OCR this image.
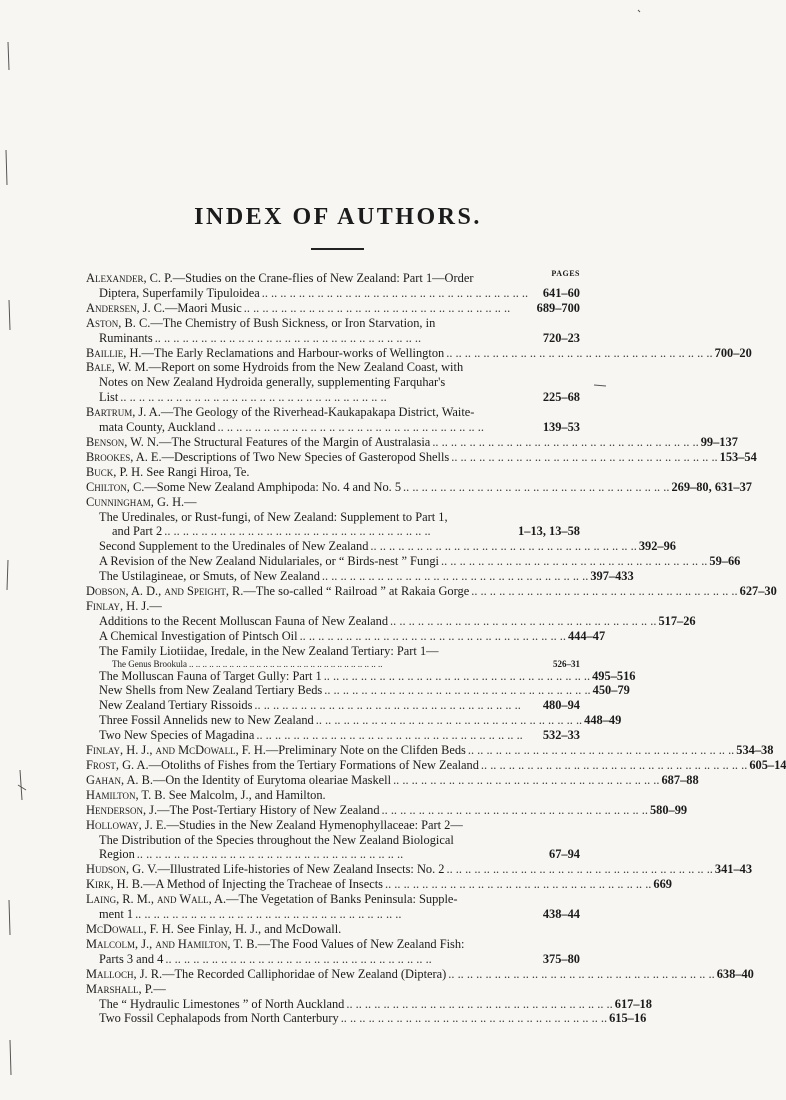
INDEX OF AUTHORS.
PAGES
Alexander, C. P.—Studies on the Crane-flies of New Zealand: Part 1—Order
Diptera, Superfamily Tipuloidea .. .. .. .. .. .. .. .. .. .. .. .. .. .. .. .. .. .. .. .. .. .. .. .. .. .. .. .. ..	641–60
Andersen, J. C.—Maori Music .. .. .. .. .. .. .. .. .. .. .. .. .. .. .. .. .. .. .. .. .. .. .. .. .. .. .. .. ..	689–700
Aston, B. C.—The Chemistry of Bush Sickness, or Iron Starvation, in
Ruminants .. .. .. .. .. .. .. .. .. .. .. .. .. .. .. .. .. .. .. .. .. .. .. .. .. .. .. .. ..	720–23
Baillie, H.—The Early Reclamations and Harbour-works of Wellington .. .. .. .. .. .. .. .. .. .. .. .. .. .. .. .. .. .. .. .. .. .. .. .. .. .. .. .. .. 700–20
Bale, W. M.—Report on some Hydroids from the New Zealand Coast, with
Notes on New Zealand Hydroida generally, supplementing Farquhar's
List .. .. .. .. .. .. .. .. .. .. .. .. .. .. .. .. .. .. .. .. .. .. .. .. .. .. .. .. ..	225–68
Bartrum, J. A.—The Geology of the Riverhead-Kaukapakapa District, Waite-
mata County, Auckland .. .. .. .. .. .. .. .. .. .. .. .. .. .. .. .. .. .. .. .. .. .. .. .. .. .. .. .. ..	139–53
Benson, W. N.—The Structural Features of the Margin of Australasia .. .. .. .. .. .. .. .. .. .. .. .. .. .. .. .. .. .. .. .. .. .. .. .. .. .. .. .. .. 99–137
Brookes, A. E.—Descriptions of Two New Species of Gasteropod Shells .. .. .. .. .. .. .. .. .. .. .. .. .. .. .. .. .. .. .. .. .. .. .. .. .. .. .. .. .. 153–54
Buck, P. H. See Rangi Hiroa, Te.
Chilton, C.—Some New Zealand Amphipoda: No. 4 and No. 5 .. .. .. .. .. .. .. .. .. .. .. .. .. .. .. .. .. .. .. .. .. .. .. .. .. .. .. .. .. 269–80, 631–37
Cunningham, G. H.—
The Uredinales, or Rust-fungi, of New Zealand: Supplement to Part 1,
and Part 2 .. .. .. .. .. .. .. .. .. .. .. .. .. .. .. .. .. .. .. .. .. .. .. .. .. .. .. .. ..	1–13, 13–58
Second Supplement to the Uredinales of New Zealand .. .. .. .. .. .. .. .. .. .. .. .. .. .. .. .. .. .. .. .. .. .. .. .. .. .. .. .. .. 392–96
A Revision of the New Zealand Nidulariales, or “ Birds-nest ” Fungi .. .. .. .. .. .. .. .. .. .. .. .. .. .. .. .. .. .. .. .. .. .. .. .. .. .. .. .. .. 59–66
The Ustilagineae, or Smuts, of New Zealand .. .. .. .. .. .. .. .. .. .. .. .. .. .. .. .. .. .. .. .. .. .. .. .. .. .. .. .. .. 397–433
Dobson, A. D., and Speight, R.—The so-called “ Railroad ” at Rakaia Gorge .. .. .. .. .. .. .. .. .. .. .. .. .. .. .. .. .. .. .. .. .. .. .. .. .. .. .. .. .. 627–30
Finlay, H. J.—
Additions to the Recent Molluscan Fauna of New Zealand .. .. .. .. .. .. .. .. .. .. .. .. .. .. .. .. .. .. .. .. .. .. .. .. .. .. .. .. .. 517–26
A Chemical Investigation of Pintsch Oil .. .. .. .. .. .. .. .. .. .. .. .. .. .. .. .. .. .. .. .. .. .. .. .. .. .. .. .. .. 444–47
The Family Liotiidae, Iredale, in the New Zealand Tertiary: Part 1—
The Genus Brookula .. .. .. .. .. .. .. .. .. .. .. .. .. .. .. .. .. .. .. .. .. .. .. .. .. .. .. .. ..	526–31
The Molluscan Fauna of Target Gully: Part 1 .. .. .. .. .. .. .. .. .. .. .. .. .. .. .. .. .. .. .. .. .. .. .. .. .. .. .. .. .. 495–516
New Shells from New Zealand Tertiary Beds .. .. .. .. .. .. .. .. .. .. .. .. .. .. .. .. .. .. .. .. .. .. .. .. .. .. .. .. .. 450–79
New Zealand Tertiary Rissoids .. .. .. .. .. .. .. .. .. .. .. .. .. .. .. .. .. .. .. .. .. .. .. .. .. .. .. .. ..	480–94
Three Fossil Annelids new to New Zealand .. .. .. .. .. .. .. .. .. .. .. .. .. .. .. .. .. .. .. .. .. .. .. .. .. .. .. .. .. 448–49
Two New Species of Magadina .. .. .. .. .. .. .. .. .. .. .. .. .. .. .. .. .. .. .. .. .. .. .. .. .. .. .. .. ..	532–33
Finlay, H. J., and McDowall, F. H.—Preliminary Note on the Clifden Beds .. .. .. .. .. .. .. .. .. .. .. .. .. .. .. .. .. .. .. .. .. .. .. .. .. .. .. .. .. 534–38
Frost, G. A.—Otoliths of Fishes from the Tertiary Formations of New Zealand .. .. .. .. .. .. .. .. .. .. .. .. .. .. .. .. .. .. .. .. .. .. .. .. .. .. .. .. .. 605–14
Gahan, A. B.—On the Identity of Eurytoma oleariae Maskell .. .. .. .. .. .. .. .. .. .. .. .. .. .. .. .. .. .. .. .. .. .. .. .. .. .. .. .. .. 687–88
Hamilton, T. B. See Malcolm, J., and Hamilton.
Henderson, J.—The Post-Tertiary History of New Zealand .. .. .. .. .. .. .. .. .. .. .. .. .. .. .. .. .. .. .. .. .. .. .. .. .. .. .. .. .. 580–99
Holloway, J. E.—Studies in the New Zealand Hymenophyllaceae: Part 2—
The Distribution of the Species throughout the New Zealand Biological
Region .. .. .. .. .. .. .. .. .. .. .. .. .. .. .. .. .. .. .. .. .. .. .. .. .. .. .. .. ..	67–94
Hudson, G. V.—Illustrated Life-histories of New Zealand Insects: No. 2 .. .. .. .. .. .. .. .. .. .. .. .. .. .. .. .. .. .. .. .. .. .. .. .. .. .. .. .. .. 341–43
Kirk, H. B.—A Method of Injecting the Tracheae of Insects .. .. .. .. .. .. .. .. .. .. .. .. .. .. .. .. .. .. .. .. .. .. .. .. .. .. .. .. .. 669
Laing, R. M., and Wall, A.—The Vegetation of Banks Peninsula: Supple-
ment 1 .. .. .. .. .. .. .. .. .. .. .. .. .. .. .. .. .. .. .. .. .. .. .. .. .. .. .. .. ..	438–44
McDowall, F. H. See Finlay, H. J., and McDowall.
Malcolm, J., and Hamilton, T. B.—The Food Values of New Zealand Fish:
Parts 3 and 4 .. .. .. .. .. .. .. .. .. .. .. .. .. .. .. .. .. .. .. .. .. .. .. .. .. .. .. .. ..	375–80
Malloch, J. R.—The Recorded Calliphoridae of New Zealand (Diptera) .. .. .. .. .. .. .. .. .. .. .. .. .. .. .. .. .. .. .. .. .. .. .. .. .. .. .. .. .. 638–40
Marshall, P.—
The “ Hydraulic Limestones ” of North Auckland .. .. .. .. .. .. .. .. .. .. .. .. .. .. .. .. .. .. .. .. .. .. .. .. .. .. .. .. .. 617–18
Two Fossil Cephalapods from North Canterbury .. .. .. .. .. .. .. .. .. .. .. .. .. .. .. .. .. .. .. .. .. .. .. .. .. .. .. .. .. 615–16
